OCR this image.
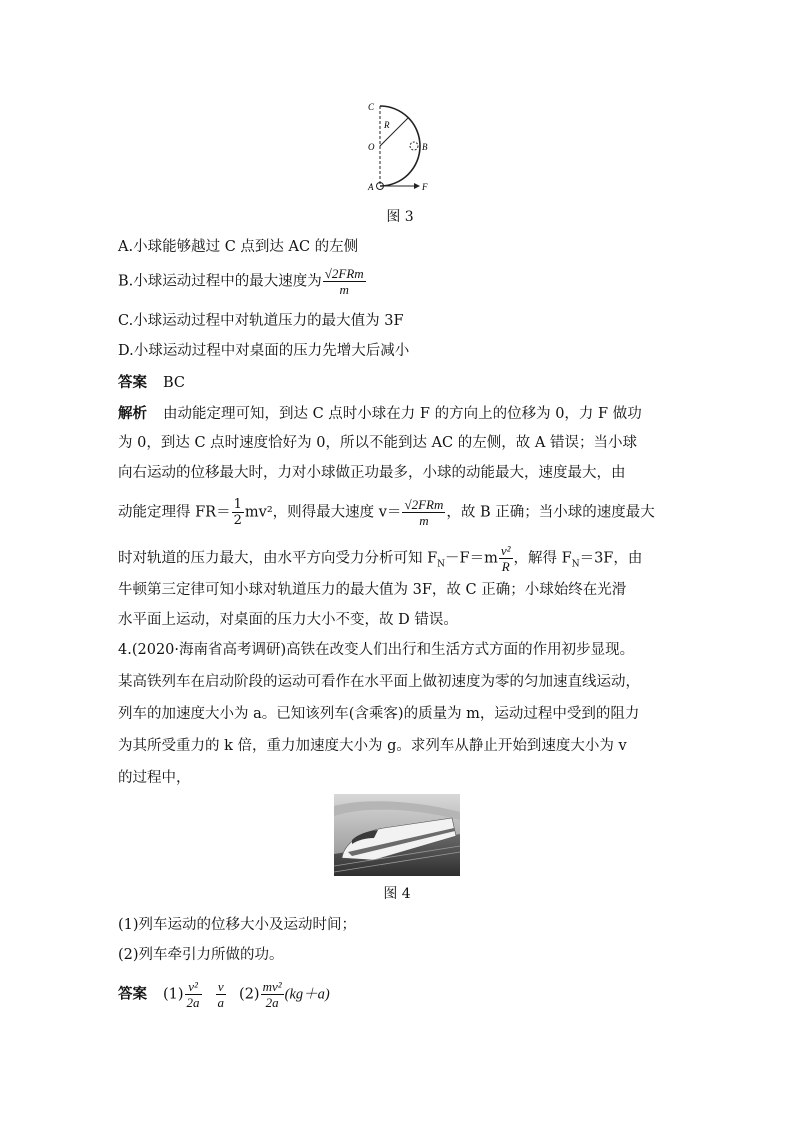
C
R
O	B
A	F
图 3
A.小球能够越过 C 点到达 AC 的左侧
B.小球运动过程中的最大速度为 $\frac{\text{√2FRm}}{m}$
C.小球运动过程中对轨道压力的最大值为 3F
D.小球运动过程中对桌面的压力先增大后减小
答案 BC
解析 由动能定理可知，到达 C 点时小球在力 F 的方向上的位移为 0，力 F 做功
为 0，到达 C 点时速度恰好为 0，所以不能到达 AC 的左侧，故 A 错误；当小球
向右运动的位移最大时，力对小球做正功最多，小球的动能最大，速度最大，由
动能定理得 $FR= \frac{1}{2} mv^2$，则得最大速度 $v= \frac{\text{√2FRm}}{m}$ ，故 B 正确；当小球的速度最大
时对轨道的压力最大，由水平方向受力分析可知 $F_N-F=m \frac{\text{v²}}{R}$ ，解得 $F_N=3F$，由
牛顿第三定律可知小球对轨道压力的最大值为 3F，故 C 正确；小球始终在光滑
水平面上运动，对桌面的压力大小不变，故 D 错误。
4.(2020·海南省高考调研)高铁在改变人们出行和生活方式方面的作用初步显现。
某高铁列车在启动阶段的运动可看作在水平面上做初速度为零的匀加速直线运动，
列车的加速度大小为 a。已知该列车(含乘客)的质量为 m，运动过程中受到的阻力
为其所受重力的 k 倍，重力加速度大小为 g。求列车从静止开始到速度大小为 v
的过程中，
图 4
(1)列车运动的位移大小及运动时间；
(2)列车牵引力所做的功。
答案 $(1) \frac{\text{v²}}{2a} \frac{v}{a} (2) \frac{\text{mv²}}{2a} (kg+a)$
